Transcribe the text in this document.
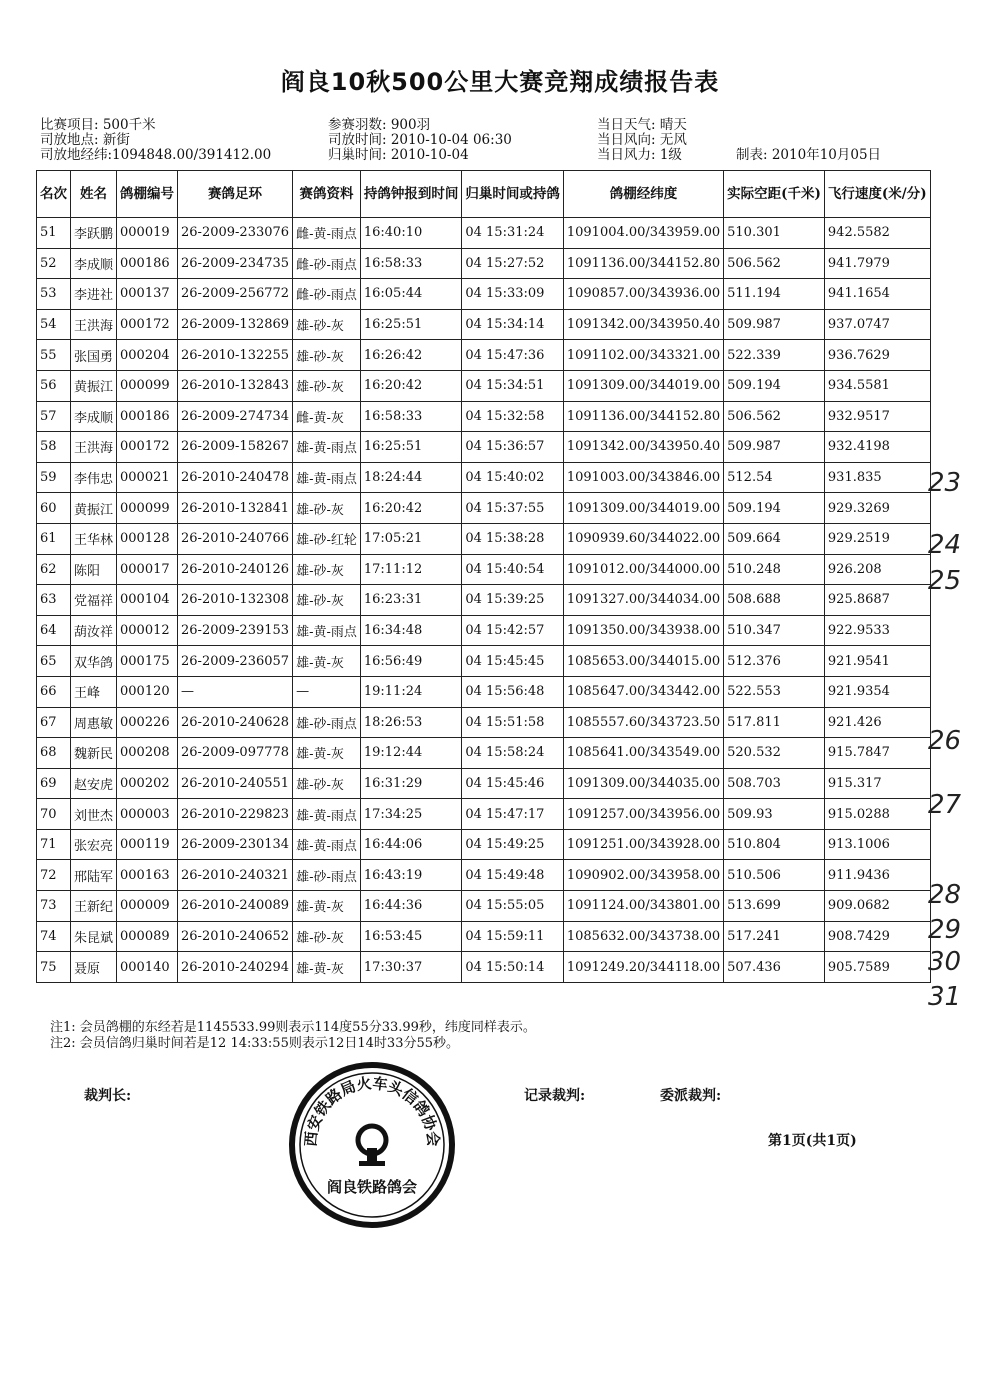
阎良10秋500公里大赛竞翔成绩报告表
比赛项目: 500千米
司放地点: 新街
司放地经纬:1094848.00/391412.00
参赛羽数: 900羽
司放时间: 2010-10-04 06:30
归巢时间: 2010-10-04
当日天气: 晴天
当日风向: 无风
当日风力: 1级	制表: 2010年10月05日
名次	姓名	鸽棚编号	赛鸽足环	赛鸽资料	持鸽钟报到时间	归巢时间或持鸽	鸽棚经纬度	实际空距(千米)	飞行速度(米/分)
51	李跃鹏	000019	26-2009-233076	雌-黄-雨点	16:40:10	04 15:31:24	1091004.00/343959.00	510.301	942.5582
52	李成顺	000186	26-2009-234735	雌-砂-雨点	16:58:33	04 15:27:52	1091136.00/344152.80	506.562	941.7979
53	李进社	000137	26-2009-256772	雌-砂-雨点	16:05:44	04 15:33:09	1090857.00/343936.00	511.194	941.1654
54	王洪海	000172	26-2009-132869	雄-砂-灰	16:25:51	04 15:34:14	1091342.00/343950.40	509.987	937.0747
55	张国勇	000204	26-2010-132255	雄-砂-灰	16:26:42	04 15:47:36	1091102.00/343321.00	522.339	936.7629
56	黄振江	000099	26-2010-132843	雄-砂-灰	16:20:42	04 15:34:51	1091309.00/344019.00	509.194	934.5581
57	李成顺	000186	26-2009-274734	雌-黄-灰	16:58:33	04 15:32:58	1091136.00/344152.80	506.562	932.9517
58	王洪海	000172	26-2009-158267	雄-黄-雨点	16:25:51	04 15:36:57	1091342.00/343950.40	509.987	932.4198
59	李伟忠	000021	26-2010-240478	雄-黄-雨点	18:24:44	04 15:40:02	1091003.00/343846.00	512.54	931.835
60	黄振江	000099	26-2010-132841	雄-砂-灰	16:20:42	04 15:37:55	1091309.00/344019.00	509.194	929.3269
61	王华林	000128	26-2010-240766	雄-砂-红轮	17:05:21	04 15:38:28	1090939.60/344022.00	509.664	929.2519
62	陈阳	000017	26-2010-240126	雄-砂-灰	17:11:12	04 15:40:54	1091012.00/344000.00	510.248	926.208
63	党福祥	000104	26-2010-132308	雄-砂-灰	16:23:31	04 15:39:25	1091327.00/344034.00	508.688	925.8687
64	葫汝祥	000012	26-2009-239153	雄-黄-雨点	16:34:48	04 15:42:57	1091350.00/343938.00	510.347	922.9533
65	双华鸽	000175	26-2009-236057	雄-黄-灰	16:56:49	04 15:45:45	1085653.00/344015.00	512.376	921.9541
66	王峰	000120	—	—	19:11:24	04 15:56:48	1085647.00/343442.00	522.553	921.9354
67	周惠敏	000226	26-2010-240628	雄-砂-雨点	18:26:53	04 15:51:58	1085557.60/343723.50	517.811	921.426
68	魏新民	000208	26-2009-097778	雄-黄-灰	19:12:44	04 15:58:24	1085641.00/343549.00	520.532	915.7847
69	赵安虎	000202	26-2010-240551	雄-砂-灰	16:31:29	04 15:45:46	1091309.00/344035.00	508.703	915.317
70	刘世杰	000003	26-2010-229823	雄-黄-雨点	17:34:25	04 15:47:17	1091257.00/343956.00	509.93	915.0288
71	张宏亮	000119	26-2009-230134	雄-黄-雨点	16:44:06	04 15:49:25	1091251.00/343928.00	510.804	913.1006
72	邢陆军	000163	26-2010-240321	雄-砂-雨点	16:43:19	04 15:49:48	1090902.00/343958.00	510.506	911.9436
73	王新纪	000009	26-2010-240089	雄-黄-灰	16:44:36	04 15:55:05	1091124.00/343801.00	513.699	909.0682
74	朱昆斌	000089	26-2010-240652	雄-砂-灰	16:53:45	04 15:59:11	1085632.00/343738.00	517.241	908.7429
75	聂原	000140	26-2010-240294	雄-黄-灰	17:30:37	04 15:50:14	1091249.20/344118.00	507.436	905.7589
注1: 会员鸽棚的东经若是1145533.99则表示114度55分33.99秒，纬度同样表示。
注2: 会员信鸽归巢时间若是12 14:33:55则表示12日14时33分55秒。
裁判长:	记录裁判:	委派裁判:
第1页(共1页)
西安铁路局火车头信鸽协会
阎良铁路鸽会
23
24
25
26
27
28
29
30
31
